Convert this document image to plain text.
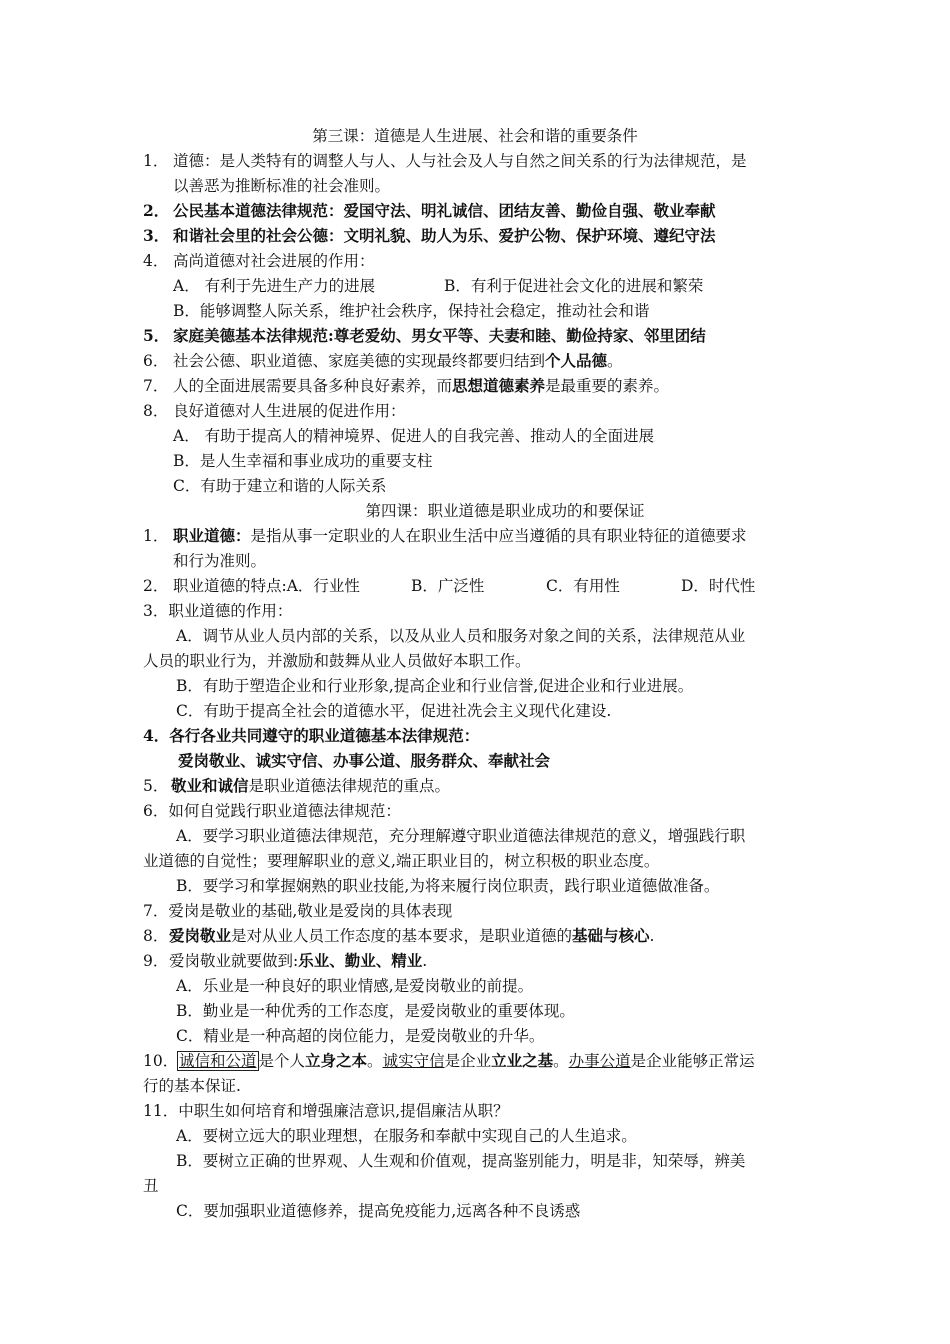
第三课：道德是人生进展、社会和谐的重要条件
1． 道德：是人类特有的调整人与人、人与社会及人与自然之间关系的行为法律规范，是
以善恶为推断标准的社会准则。
2． 公民基本道德法律规范：爱国守法、明礼诚信、团结友善、勤俭自强、敬业奉献
3． 和谐社会里的社会公德：文明礼貌、助人为乐、爱护公物、保护环境、遵纪守法
4． 高尚道德对社会进展的作用：
A． 有利于先进生产力的进展	B．有利于促进社会文化的进展和繁荣
B．能够调整人际关系，维护社会秩序，保持社会稳定，推动社会和谐
5． 家庭美德基本法律规范:尊老爱幼、男女平等、夫妻和睦、勤俭持家、邻里团结
6． 社会公德、职业道德、家庭美德的实现最终都要归结到个人品德。
7． 人的全面进展需要具备多种良好素养，而思想道德素养是最重要的素养。
8． 良好道德对人生进展的促进作用：
A． 有助于提高人的精神境界、促进人的自我完善、推动人的全面进展
B．是人生幸福和事业成功的重要支柱
C．有助于建立和谐的人际关系
第四课：职业道德是职业成功的和要保证
1． 职业道德：是指从事一定职业的人在职业生活中应当遵循的具有职业特征的道德要求
和行为准则。
2． 职业道德的特点:A．行业性	B．广泛性	C．有用性	D．时代性
3．职业道德的作用：
A．调节从业人员内部的关系，以及从业人员和服务对象之间的关系，法律规范从业
人员的职业行为，并激励和鼓舞从业人员做好本职工作。
B．有助于塑造企业和行业形象,提高企业和行业信誉,促进企业和行业进展。
C．有助于提高全社会的道德水平，促进社冼会主义现代化建设.
4．各行各业共同遵守的职业道德基本法律规范：
爱岗敬业、诚实守信、办事公道、服务群众、奉献社会
5． 敬业和诚信是职业道德法律规范的重点。
6．如何自觉践行职业道德法律规范：
A．要学习职业道德法律规范，充分理解遵守职业道德法律规范的意义，增强践行职
业道德的自觉性；要理解职业的意义,端正职业目的，树立积极的职业态度。
B．要学习和掌握娴熟的职业技能,为将来履行岗位职责，践行职业道德做准备。
7．爱岗是敬业的基础,敬业是爱岗的具体表现
8． 爱岗敬业是对从业人员工作态度的基本要求，是职业道德的基础与核心.
9． 爱岗敬业就要做到:乐业、勤业、精业.
A．乐业是一种良好的职业情感,是爱岗敬业的前提。
B．勤业是一种优秀的工作态度，是爱岗敬业的重要体现。
C．精业是一种高超的岗位能力，是爱岗敬业的升华。
10． 诚信和公道 是个人立身之本。诚实守信是企业立业之基。办事公道是企业能够正常运
行的基本保证.
11．中职生如何培育和增强廉洁意识,提倡廉洁从职？
A．要树立远大的职业理想，在服务和奉献中实现自己的人生追求。
B．要树立正确的世界观、人生观和价值观，提高鉴别能力，明是非，知荣辱，辨美
丑
C．要加强职业道德修养，提高免疫能力,远离各种不良诱惑
